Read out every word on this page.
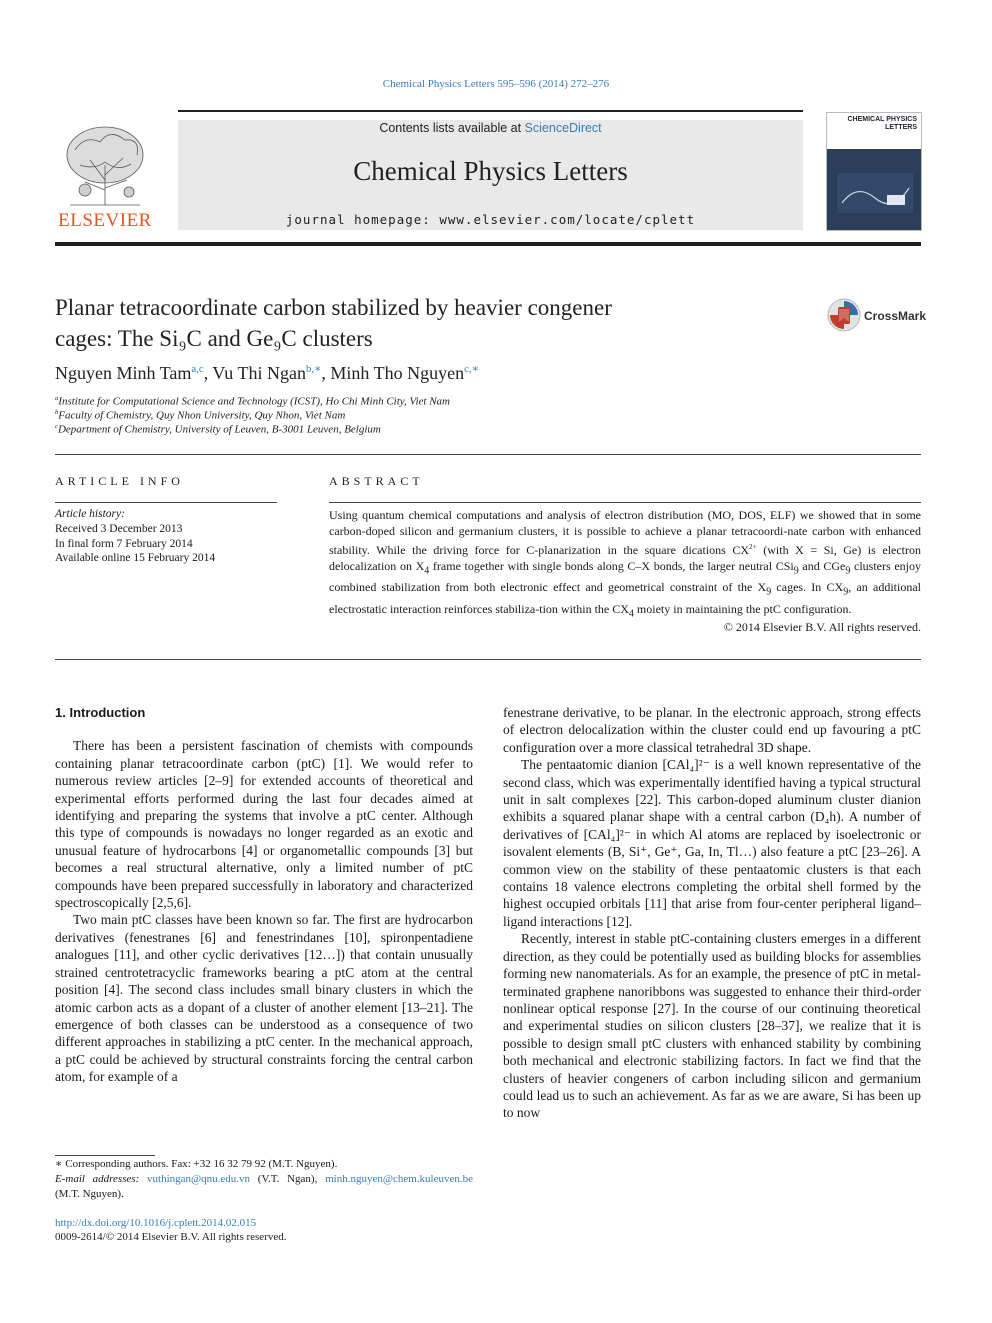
Chemical Physics Letters 595–596 (2014) 272–276
ELSEVIER
Contents lists available at ScienceDirect
Chemical Physics Letters
journal homepage: www.elsevier.com/locate/cplett
CHEMICAL PHYSICS LETTERS
Planar tetracoordinate carbon stabilized by heavier congener
cages: The Si₉C and Ge₉C clusters
CrossMark
Nguyen Minh Tam$^{a,c}$, Vu Thi Ngan$^{b,∗}$, Minh Tho Nguyen$^{c,∗}$
$^a$Institute for Computational Science and Technology (ICST), Ho Chi Minh City, Viet Nam
$^b$Faculty of Chemistry, Quy Nhon University, Quy Nhon, Viet Nam
$^c$Department of Chemistry, University of Leuven, B-3001 Leuven, Belgium
ARTICLE INFO
Article history:
Received 3 December 2013
In final form 7 February 2014
Available online 15 February 2014
ABSTRACT
Using quantum chemical computations and analysis of electron distribution (MO, DOS, ELF) we showed that in some carbon-doped silicon and germanium clusters, it is possible to achieve a planar tetracoordi-nate carbon with enhanced stability. While the driving force for C-planarization in the square dications $CX^{2+}$ (with X = Si, Ge) is electron delocalization on $X_4$ frame together with single bonds along C–X bonds, the larger neutral CSi$_9$ and CGe$_9$ clusters enjoy combined stabilization from both electronic effect and geometrical constraint of the $X_9$ cages. In $CX_9$, an additional electrostatic interaction reinforces stabiliza-tion within the $CX_4$ moiety in maintaining the ptC configuration.
© 2014 Elsevier B.V. All rights reserved.
1. Introduction

There has been a persistent fascination of chemists with compounds containing planar tetracoordinate carbon (ptC) [1]. We would refer to numerous review articles [2–9] for extended accounts of theoretical and experimental efforts performed during the last four decades aimed at identifying and preparing the systems that involve a ptC center. Although this type of compounds is nowadays no longer regarded as an exotic and unusual feature of hydrocarbons [4] or organometallic compounds [3] but becomes a real structural alternative, only a limited number of ptC compounds have been prepared successfully in laboratory and characterized spectroscopically [2,5,6].

Two main ptC classes have been known so far. The first are hydrocarbon derivatives (fenestranes [6] and fenestrindanes [10], spironpentadiene analogues [11], and other cyclic derivatives [12…]) that contain unusually strained centrotetracyclic frameworks bearing a ptC atom at the central position [4]. The second class includes small binary clusters in which the atomic carbon acts as a dopant of a cluster of another element [13–21]. The emergence of both classes can be understood as a consequence of two different approaches in stabilizing a ptC center. In the mechanical approach, a ptC could be achieved by structural constraints forcing the central carbon atom, for example of a

fenestrane derivative, to be planar. In the electronic approach, strong effects of electron delocalization within the cluster could end up favouring a ptC configuration over a more classical tetrahedral 3D shape.

The pentaatomic dianion [CAl₄]²⁻ is a well known representative of the second class, which was experimentally identified having a typical structural unit in salt complexes [22]. This carbon-doped aluminum cluster dianion exhibits a squared planar shape with a central carbon (D₄h). A number of derivatives of [CAl₄]²⁻ in which Al atoms are replaced by isoelectronic or isovalent elements (B, Si⁺, Ge⁺, Ga, In, Tl…) also feature a ptC [23–26]. A common view on the stability of these pentaatomic clusters is that each contains 18 valence electrons completing the orbital shell formed by the highest occupied orbitals [11] that arise from four-center peripheral ligand–ligand interactions [12].

Recently, interest in stable ptC-containing clusters emerges in a different direction, as they could be potentially used as building blocks for assemblies forming new nanomaterials. As for an example, the presence of ptC in metal-terminated graphene nanoribbons was suggested to enhance their third-order nonlinear optical response [27]. In the course of our continuing theoretical and experimental studies on silicon clusters [28–37], we realize that it is possible to design small ptC clusters with enhanced stability by combining both mechanical and electronic stabilizing factors. In fact we find that the clusters of heavier congeners of carbon including silicon and germanium could lead us to such an achievement. As far as we are aware, Si has been up to now

∗ Corresponding authors. Fax: +32 16 32 79 92 (M.T. Nguyen).
E-mail addresses: vuthingan@qnu.edu.vn (V.T. Ngan), minh.nguyen@chem.kuleuven.be (M.T. Nguyen).
http://dx.doi.org/10.1016/j.cplett.2014.02.015
0009-2614/© 2014 Elsevier B.V. All rights reserved.
